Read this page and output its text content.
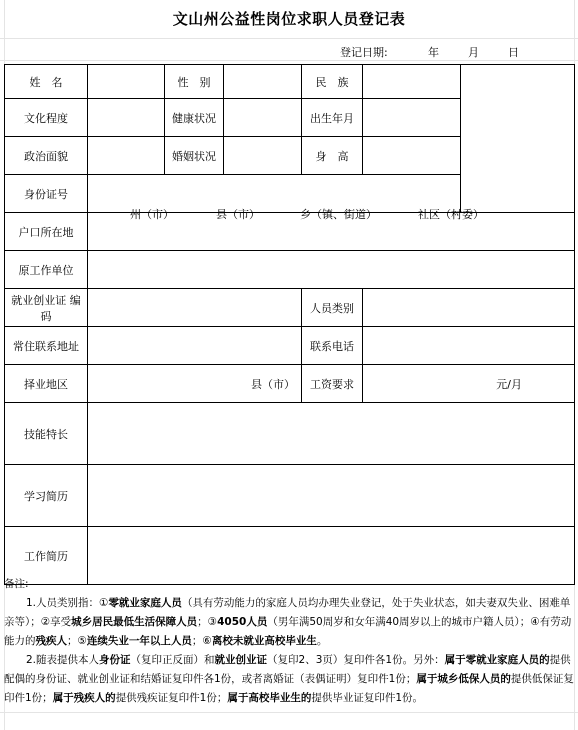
文山州公益性岗位求职人员登记表
登记日期:	年	月	日
姓　名		性　别		民　族		
文化程度		健康状况		出生年月		
政治面貌		婚姻状况		身　高		
身份证号						
户口所在地	州（市） 县（市） 乡（镇、街道） 社区（村委）					

原工作单位						
就业创业证 编码				人员类别		
常住联系地址				联系电话		
择业地区	县（市）			工资要求	元/月	
技能特长						
学习简历						
工作简历						

备注:

1.人员类别指：①零就业家庭人员（具有劳动能力的家庭人员均办理失业登记，处于失业状态，如夫妻双失业、困难单亲等）；②享受城乡居民最低生活保障人员；③4050人员（男年满50周岁和女年满40周岁以上的城市户籍人员）；④有劳动能力的残疾人；⑤连续失业一年以上人员；⑥离校未就业高校毕业生。

2.随表提供本人身份证（复印正反面）和就业创业证（复印2、3页）复印件各1份。另外：属于零就业家庭人员的提供配偶的身份证、就业创业证和结婚证复印件各1份，或者离婚证（表偶证明）复印件1份；属于城乡低保人员的提供低保证复印件1份；属于残疾人的提供残疾证复印件1份；属于高校毕业生的提供毕业证复印件1份。
